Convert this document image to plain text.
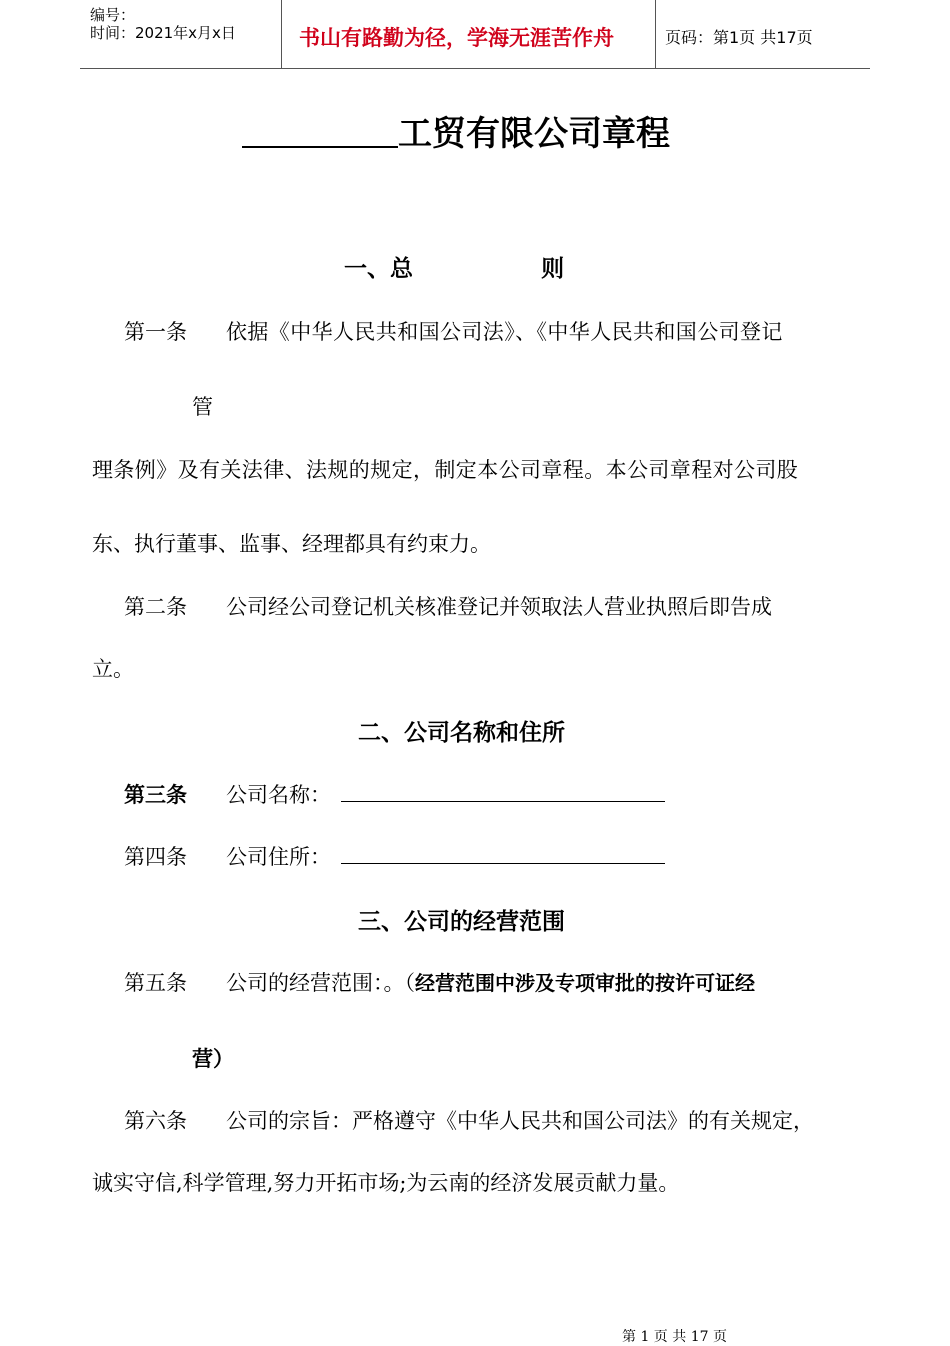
编号：
时间：2021年x月x日	书山有路勤为径，学海无涯苦作舟	页码：第1页 共17页
工贸有限公司章程
一、总                则
第一条 依据《中华人民共和国公司法》、《中华人民共和国公司登记
管
理条例》及有关法律、法规的规定，制定本公司章程。本公司章程对公司股
东、执行董事、监事、经理都具有约束力。
第二条 公司经公司登记机关核准登记并领取法人营业执照后即告成
立。
二、公司名称和住所
第三条 公司名称：
第四条 公司住所：
三、公司的经营范围
第五条 公司的经营范围：。（经营范围中涉及专项审批的按许可证经
营）
第六条 公司的宗旨：严格遵守《中华人民共和国公司法》的有关规定，
诚实守信,科学管理,努力开拓市场;为云南的经济发展贡献力量。
第 1 页 共 17 页
